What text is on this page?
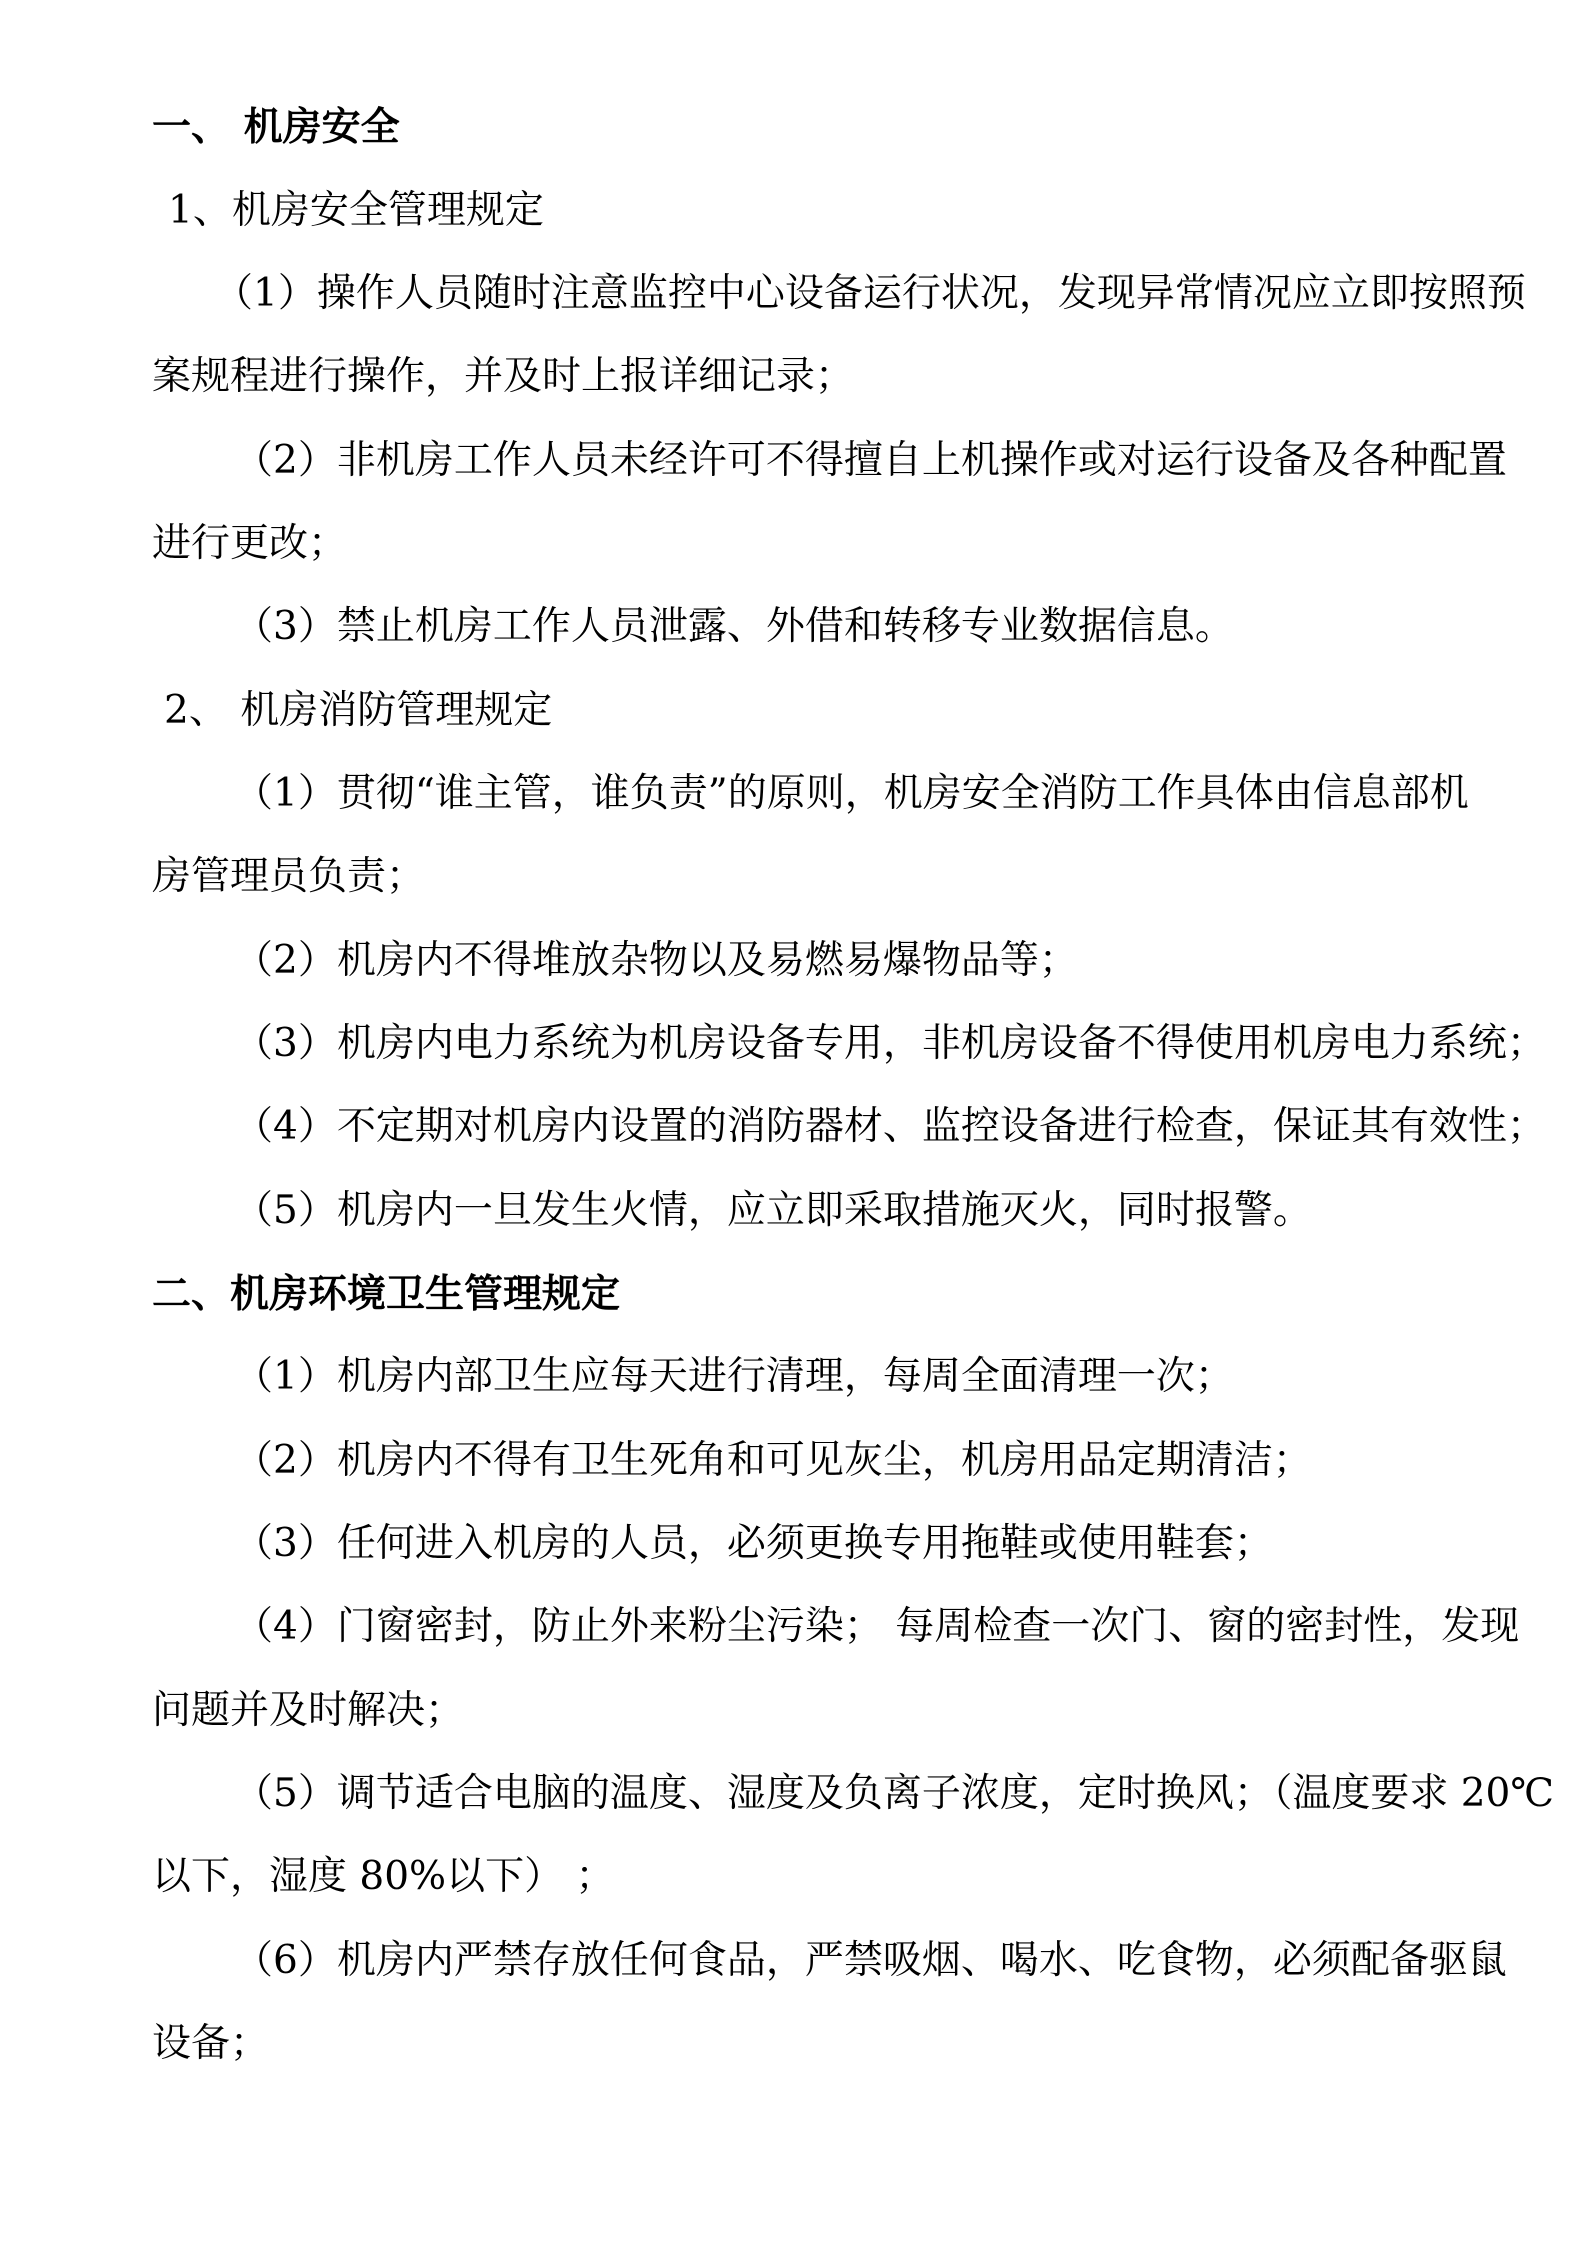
一、 机房安全
1、机房安全管理规定
（1）操作人员随时注意监控中心设备运行状况，发现异常情况应立即按照预
案规程进行操作，并及时上报详细记录；
（2）非机房工作人员未经许可不得擅自上机操作或对运行设备及各种配置
进行更改；
（3）禁止机房工作人员泄露、外借和转移专业数据信息。
2、 机房消防管理规定
（1）贯彻“谁主管，谁负责”的原则，机房安全消防工作具体由信息部机
房管理员负责；
（2）机房内不得堆放杂物以及易燃易爆物品等；
（3）机房内电力系统为机房设备专用，非机房设备不得使用机房电力系统；
（4）不定期对机房内设置的消防器材、监控设备进行检查，保证其有效性；
（5）机房内一旦发生火情，应立即采取措施灭火，同时报警。
二、机房环境卫生管理规定
（1）机房内部卫生应每天进行清理，每周全面清理一次；
（2）机房内不得有卫生死角和可见灰尘，机房用品定期清洁；
（3）任何进入机房的人员，必须更换专用拖鞋或使用鞋套；
（4）门窗密封，防止外来粉尘污染； 每周检查一次门、窗的密封性，发现
问题并及时解决；
（5）调节适合电脑的温度、湿度及负离子浓度，定时换风；（温度要求 20℃
以下，湿度 80%以下） ；
（6）机房内严禁存放任何食品，严禁吸烟、喝水、吃食物，必须配备驱鼠
设备；
